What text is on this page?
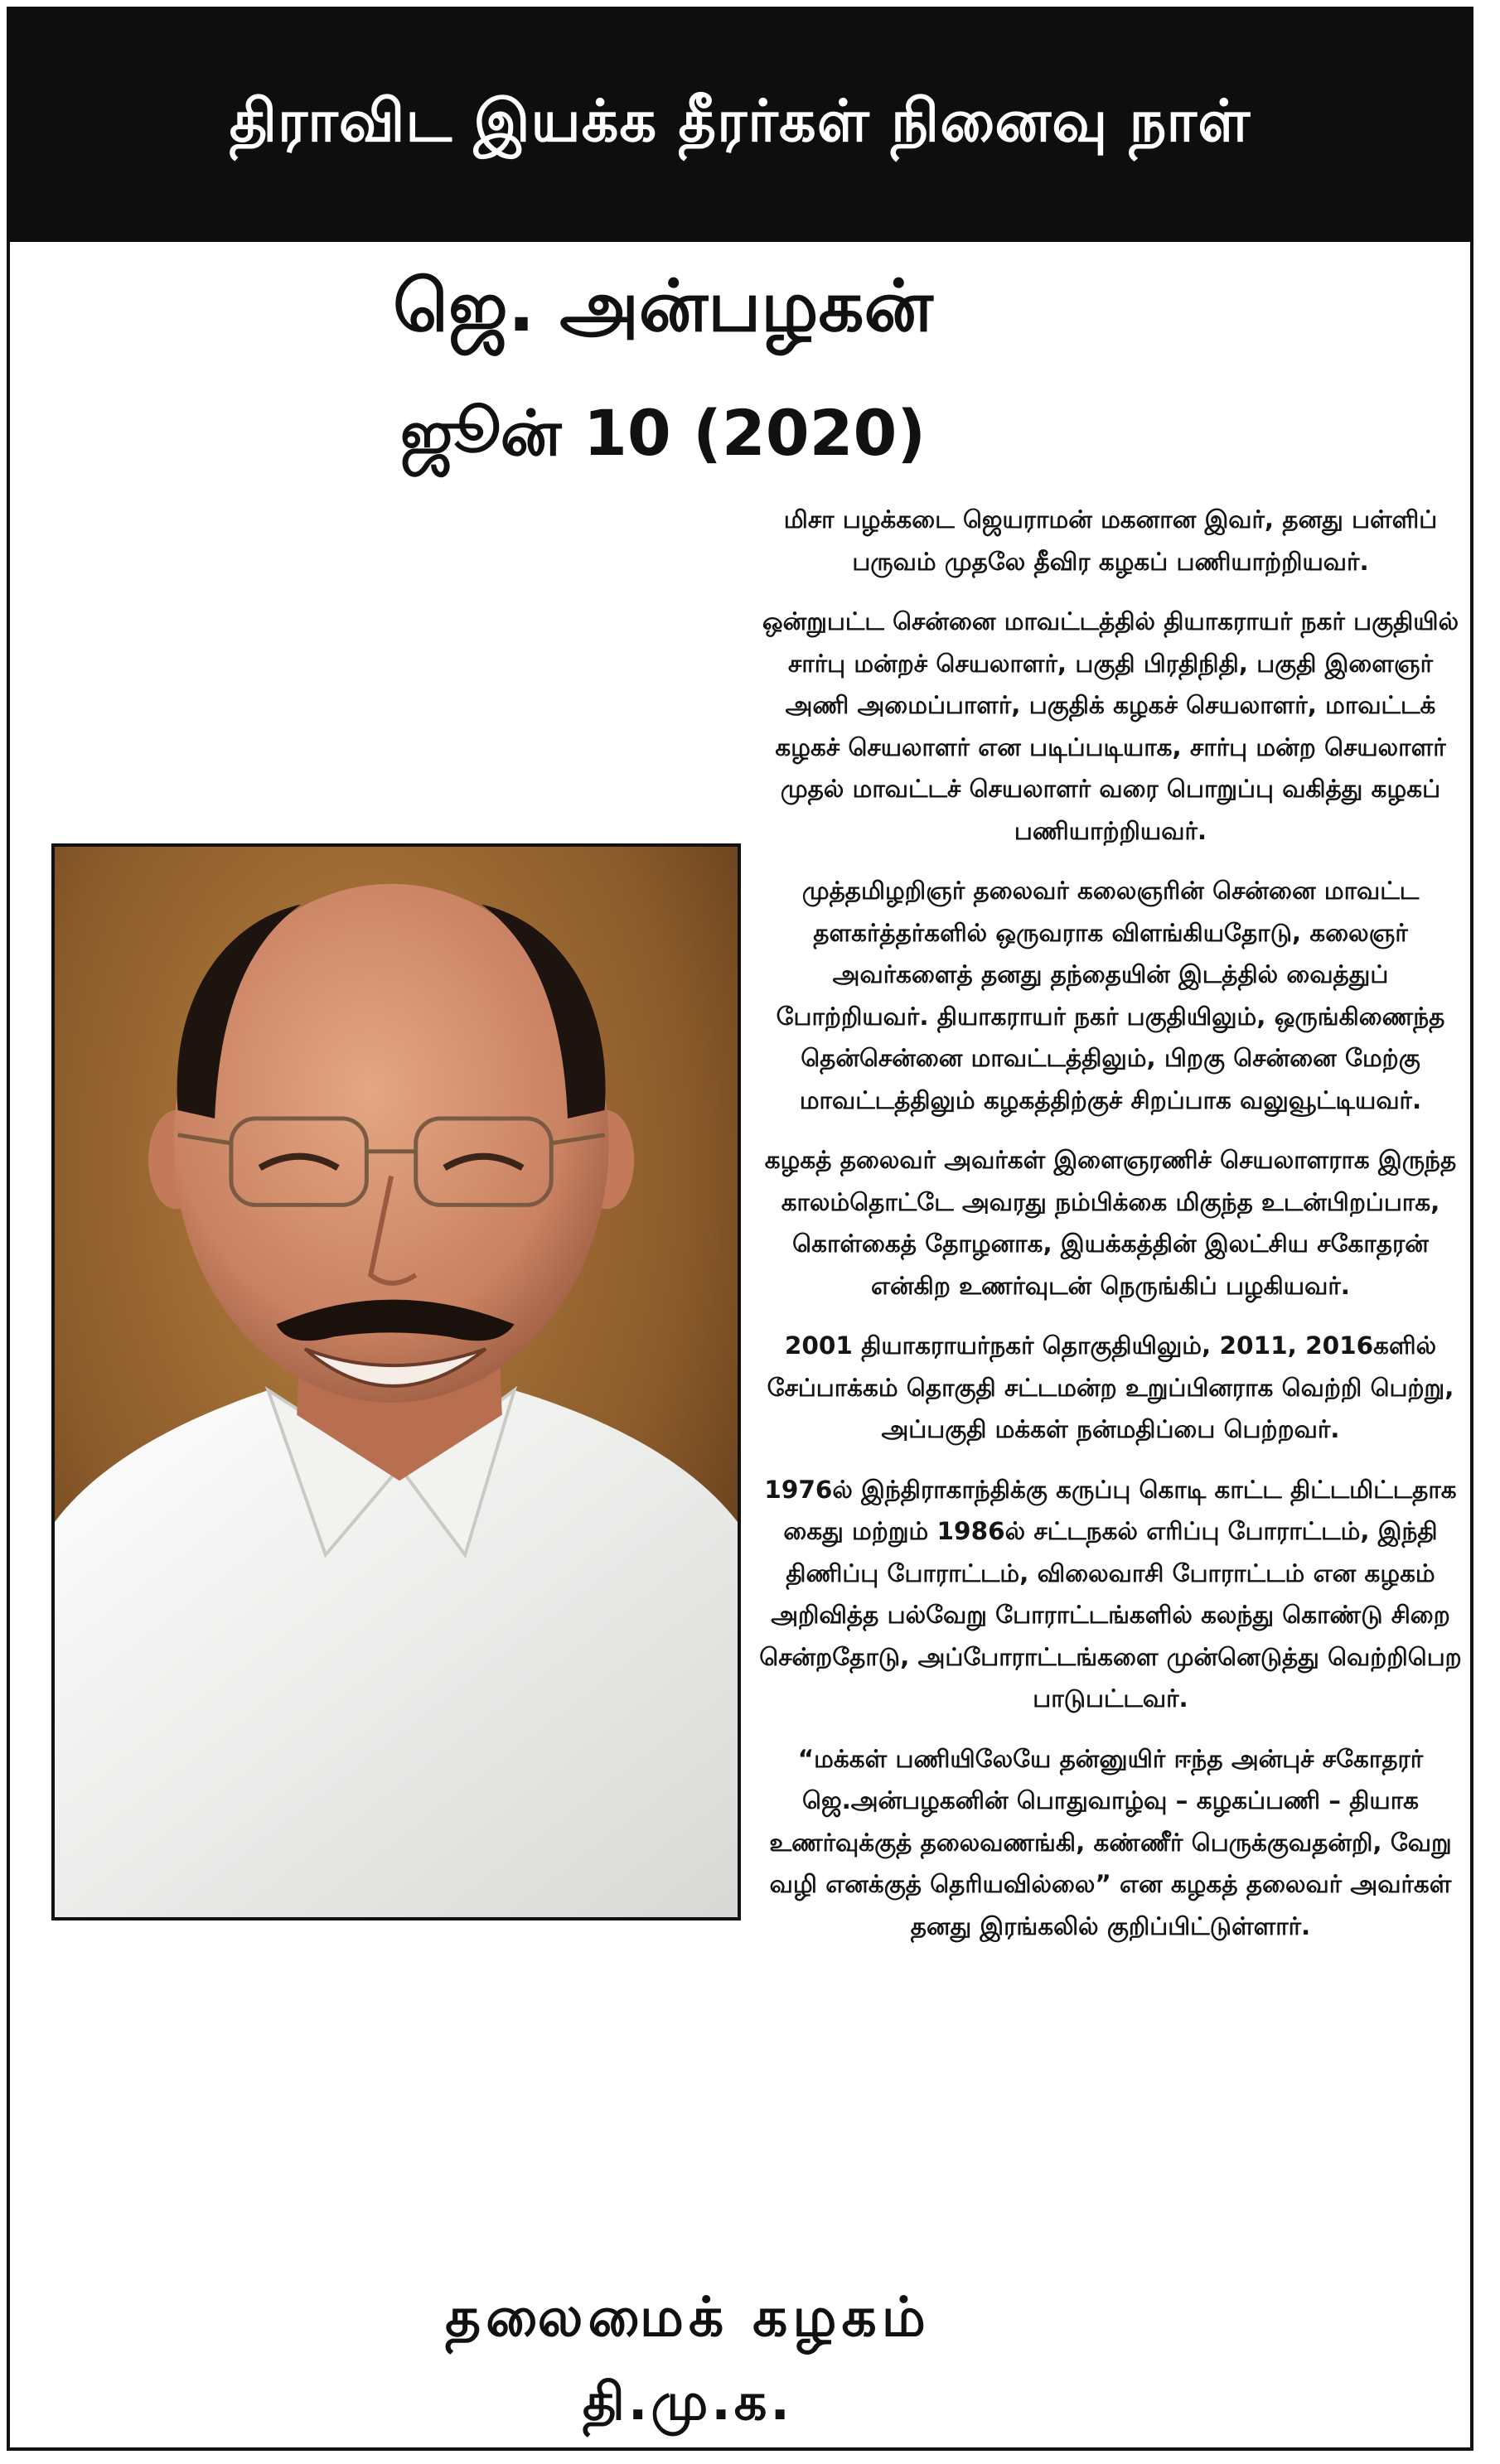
திராவிட இயக்க தீரர்கள் நினைவு நாள்
ஜெ. அன்பழகன்
ஜூன் 10 (2020)

மிசா பழக்கடை ஜெயராமன் மகனான இவர், தனது பள்ளிப் பருவம் முதலே தீவிர கழகப் பணியாற்றியவர்.

ஒன்றுபட்ட சென்னை மாவட்டத்தில் தியாகராயர் நகர் பகுதியில் சார்பு மன்றச் செயலாளர், பகுதி பிரதிநிதி, பகுதி இளைஞர் அணி அமைப்பாளர், பகுதிக் கழகச் செயலாளர், மாவட்டக் கழகச் செயலாளர் என படிப்படியாக, சார்பு மன்ற செயலாளர் முதல் மாவட்டச் செயலாளர் வரை பொறுப்பு வகித்து கழகப் பணியாற்றியவர்.

முத்தமிழறிஞர் தலைவர் கலைஞரின் சென்னை மாவட்ட தளகர்த்தர்களில் ஒருவராக விளங்கியதோடு, கலைஞர் அவர்களைத் தனது தந்தையின் இடத்தில் வைத்துப் போற்றியவர். தியாகராயர் நகர் பகுதியிலும், ஒருங்கிணைந்த தென்சென்னை மாவட்டத்திலும், பிறகு சென்னை மேற்கு மாவட்டத்திலும் கழகத்திற்குச் சிறப்பாக வலுவூட்டியவர்.

கழகத் தலைவர் அவர்கள் இளைஞரணிச் செயலாளராக இருந்த காலம்தொட்டே அவரது நம்பிக்கை மிகுந்த உடன்பிறப்பாக, கொள்கைத் தோழனாக, இயக்கத்தின் இலட்சிய சகோதரன் என்கிற உணர்வுடன் நெருங்கிப் பழகியவர்.

2001 தியாகராயர்நகர் தொகுதியிலும், 2011, 2016களில் சேப்பாக்கம் தொகுதி சட்டமன்ற உறுப்பினராக வெற்றி பெற்று, அப்பகுதி மக்கள் நன்மதிப்பை பெற்றவர்.

1976ல் இந்திராகாந்திக்கு கருப்பு கொடி காட்ட திட்டமிட்டதாக கைது மற்றும் 1986ல் சட்டநகல் எரிப்பு போராட்டம், இந்தி திணிப்பு போராட்டம், விலைவாசி போராட்டம் என கழகம் அறிவித்த பல்வேறு போராட்டங்களில் கலந்து கொண்டு சிறை சென்றதோடு, அப்போராட்டங்களை முன்னெடுத்து வெற்றிபெற பாடுபட்டவர்.

“மக்கள் பணியிலேயே தன்னுயிர் ஈந்த அன்புச் சகோதரர் ஜெ.அன்பழகனின் பொதுவாழ்வு – கழகப்பணி – தியாக உணர்வுக்குத் தலைவணங்கி, கண்ணீர் பெருக்குவதன்றி, வேறு வழி எனக்குத் தெரியவில்லை” என கழகத் தலைவர் அவர்கள் தனது இரங்கலில் குறிப்பிட்டுள்ளார்.

தலைமைக் கழகம்
தி.மு.க.
